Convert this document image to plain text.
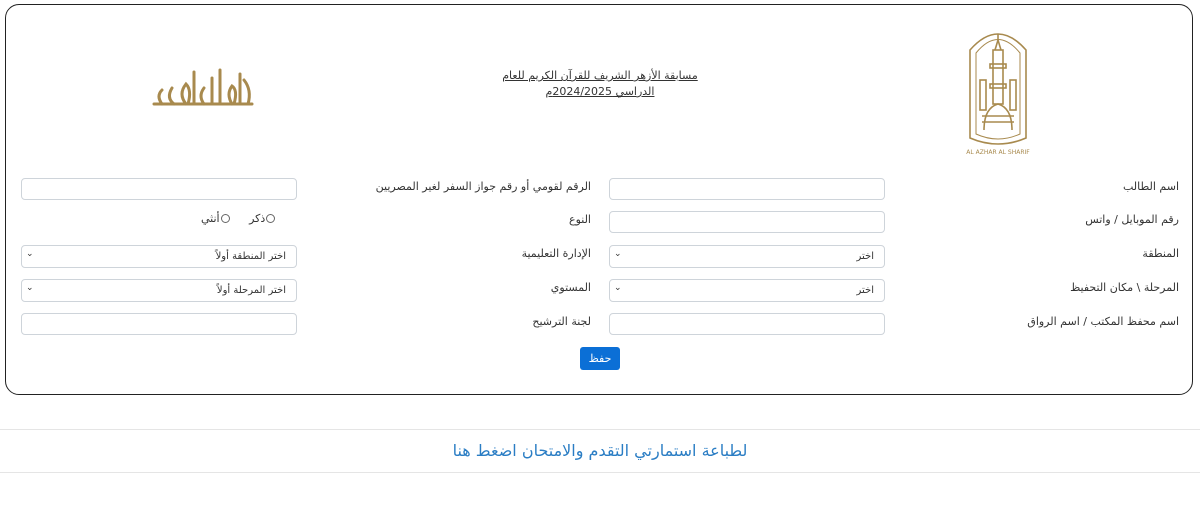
AL AZHAR AL SHARIF
بوابة الأزهر
مسابقة الأزهر الشريف للقرآن الكريم للعام
الدراسي 2024/2025م
اسم الطالب
الرقم لقومي أو رقم جواز السفر لغير المصريين
رقم الموبايل / واتس
النوع
ذكر

أنثي
المنطقة
اختر
⌄
الإدارة التعليمية
اختر المنطقة أولاً
⌄
المرحلة \ مكان التحفيظ
اختر
⌄
المستوي
اختر المرحلة أولاً
⌄
اسم محفظ المكتب / اسم الرواق
لجنة الترشيح
حفظ
لطباعة استمارتي التقدم والامتحان اضغط هنا
